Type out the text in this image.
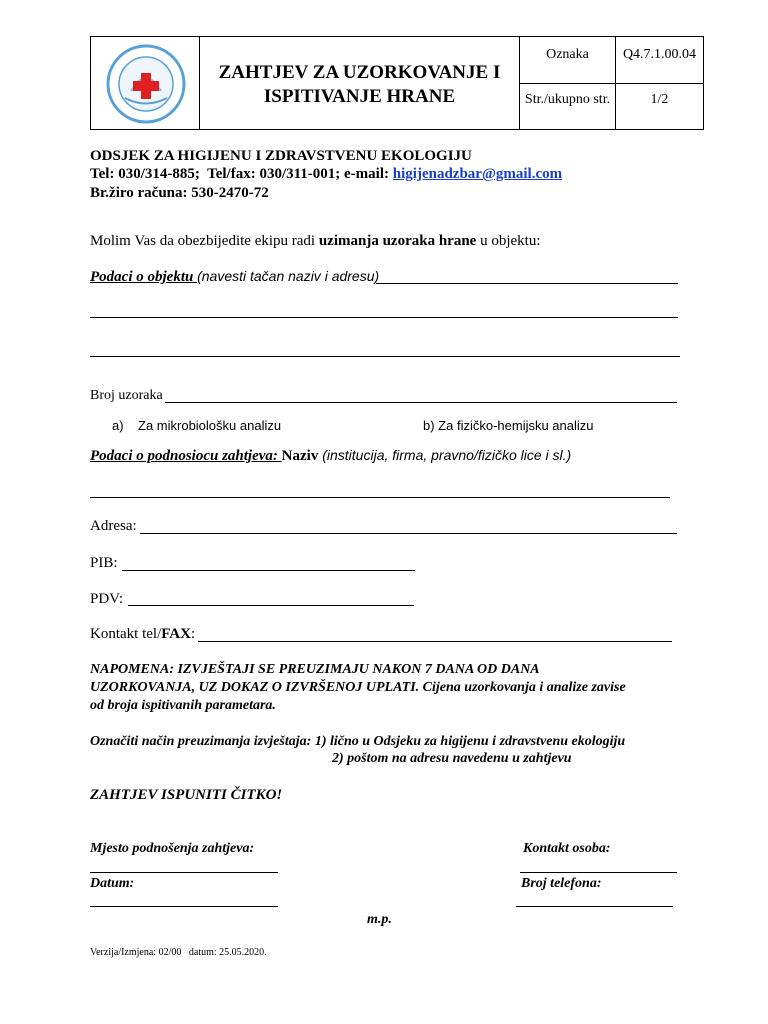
ZAHTJEV ZA UZORKOVANJE I
ISPITIVANJE HRANE
Oznaka	Q4.7.1.00.04
Str./ukupno str.	1/2
ODSJEK ZA HIGIJENU I ZDRAVSTVENU EKOLOGIJU
Tel: 030/314-885;  Tel/fax: 030/311-001; e-mail: higijenadzbar@gmail.com
Br.žiro računa: 530-2470-72
Molim Vas da obezbijedite ekipu radi uzimanja uzoraka hrane u objektu:
Podaci o objektu (navesti tačan naziv i adresu)
Broj uzoraka
a)    Za mikrobiološku analizu	b) Za fizičko-hemijsku analizu
Podaci o podnosiocu zahtjeva: Naziv (institucija, firma, pravno/fizičko lice i sl.)
Adresa:
PIB:
PDV:
Kontakt tel/FAX:
NAPOMENA: IZVJEŠTAJI SE PREUZIMAJU NAKON 7 DANA OD DANA
UZORKOVANJA, UZ DOKAZ O IZVRŠENOJ UPLATI. Cijena uzorkovanja i analize zavise
od broja ispitivanih parametara.
Označiti način preuzimanja izvještaja: 1) lično u Odsjeku za higijenu i zdravstvenu ekologiju
2) poštom na adresu navedenu u zahtjevu
ZAHTJEV ISPUNITI ČITKO!
Mjesto podnošenja zahtjeva:	Kontakt osoba:
Datum:	Broj telefona:
m.p.
Verzija/Izmjena: 02/00   datum: 25.05.2020.
